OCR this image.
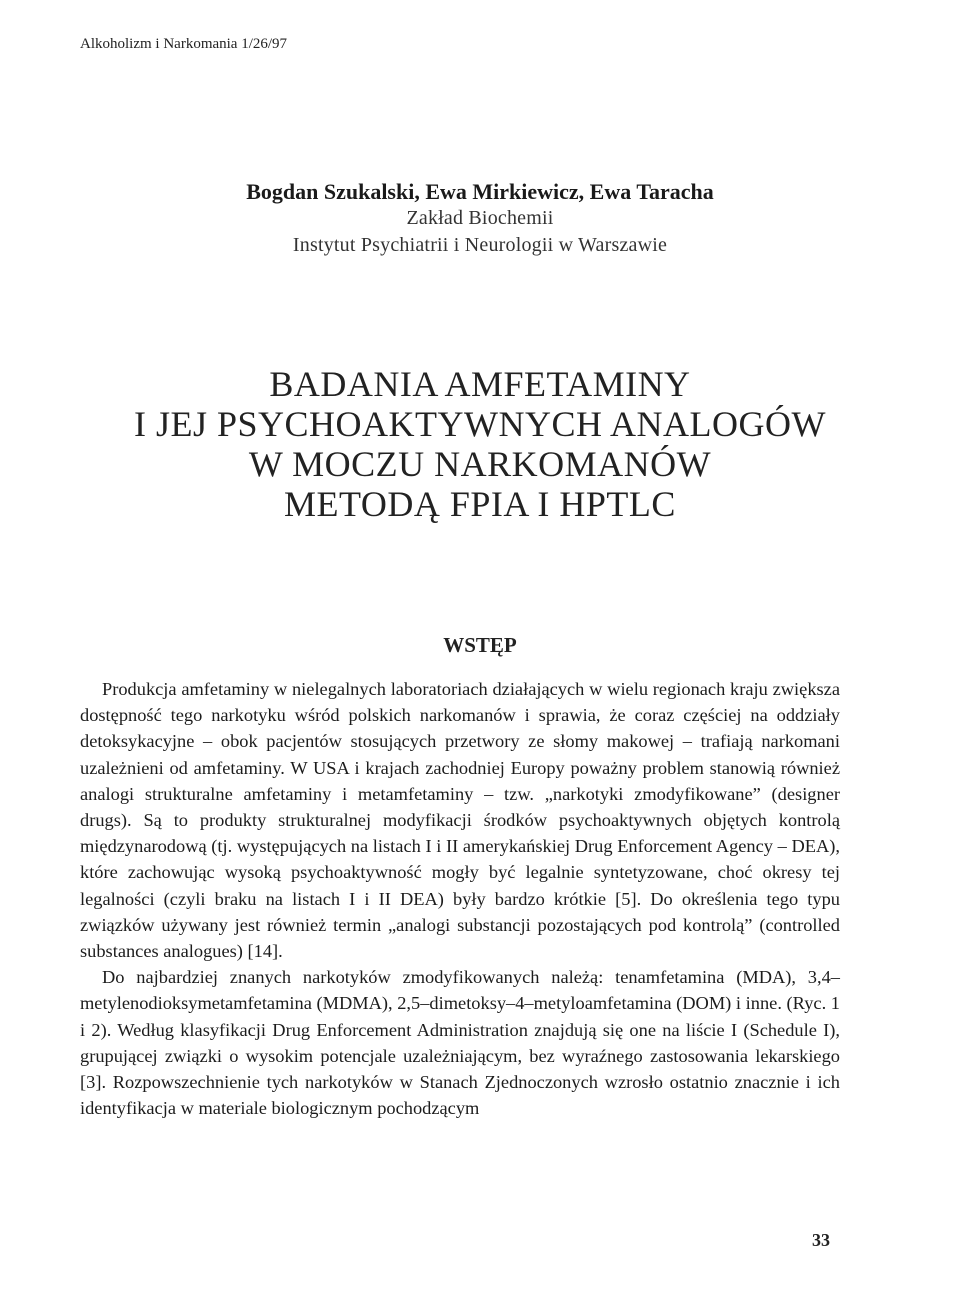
Alkoholizm i Narkomania 1/26/97
Bogdan Szukalski, Ewa Mirkiewicz, Ewa Taracha
Zakład Biochemii
Instytut Psychiatrii i Neurologii w Warszawie
BADANIA AMFETAMINY
I JEJ PSYCHOAKTYWNYCH ANALOGÓW
W MOCZU NARKOMANÓW
METODĄ FPIA I HPTLC
WSTĘP

Produkcja amfetaminy w nielegalnych laboratoriach działających w wielu regionach kraju zwiększa dostępność tego narkotyku wśród polskich narkomanów i sprawia, że coraz częściej na oddziały detoksykacyjne – obok pacjentów stosujących przetwory ze słomy makowej – trafiają narkomani uzależnieni od amfetaminy. W USA i krajach zachodniej Europy poważny problem stanowią również analogi strukturalne amfetaminy i metamfetaminy – tzw. „narkotyki zmodyfikowane” (designer drugs). Są to produkty strukturalnej modyfikacji środków psychoaktywnych objętych kontrolą międzynarodową (tj. występujących na listach I i II amerykańskiej Drug Enforcement Agency – DEA), które zachowując wysoką psychoaktywność mogły być legalnie syntetyzowane, choć okresy tej legalności (czyli braku na listach I i II DEA) były bardzo krótkie [5]. Do określenia tego typu związków używany jest również termin „analogi substancji pozostających pod kontrolą” (controlled substances analogues) [14].

Do najbardziej znanych narkotyków zmodyfikowanych należą: tenamfetamina (MDA), 3,4–metylenodioksymetamfetamina (MDMA), 2,5–dimetoksy–4–metyloamfetamina (DOM) i inne. (Ryc. 1 i 2). Według klasyfikacji Drug Enforcement Administration znajdują się one na liście I (Schedule I), grupującej związki o wysokim potencjale uzależniającym, bez wyraźnego zastosowania lekarskiego [3]. Rozpowszechnienie tych narkotyków w Stanach Zjednoczonych wzrosło ostatnio znacznie i ich identyfikacja w materiale biologicznym pochodzącym

33
